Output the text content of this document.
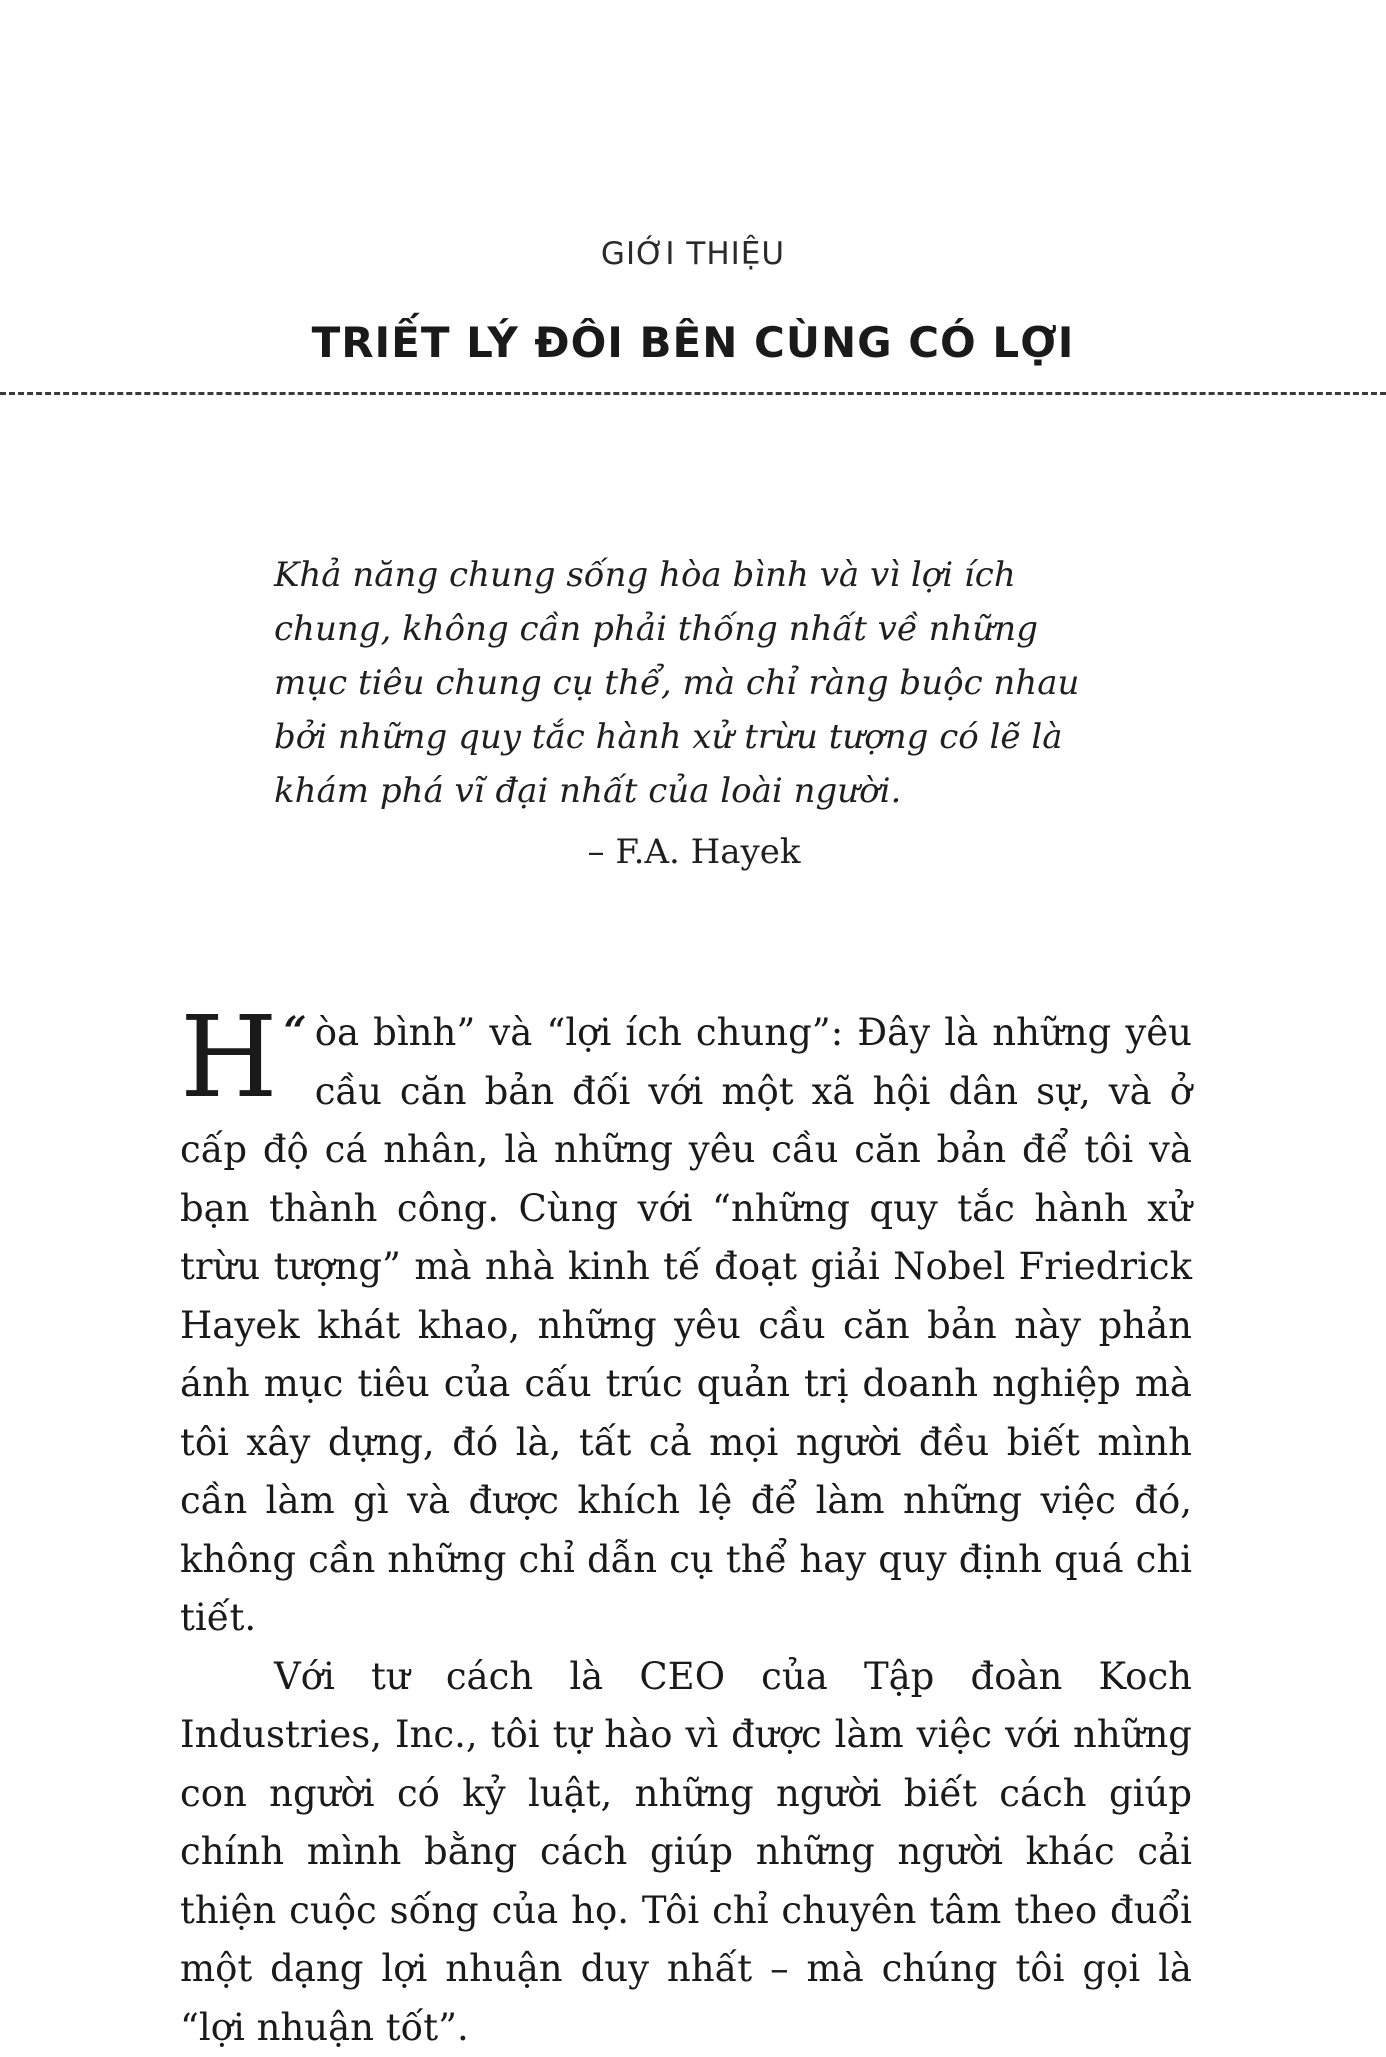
GIỚI THIỆU
TRIẾT LÝ ĐÔI BÊN CÙNG CÓ LỢI

Khả năng chung sống hòa bình và vì lợi ích chung, không cần phải thống nhất về những mục tiêu chung cụ thể, mà chỉ ràng buộc nhau bởi những quy tắc hành xử trừu tượng có lẽ là khám phá vĩ đại nhất của loài người.

– F.A. Hayek

“
H òa bình” và “lợi ích chung”: Đây là những yêu cầu căn bản đối với một xã hội dân sự, và ở cấp độ cá nhân, là những yêu cầu căn bản để tôi và bạn thành công. Cùng với “những quy tắc hành xử trừu tượng” mà nhà kinh tế đoạt giải Nobel Friedrick Hayek khát khao, những yêu cầu căn bản này phản ánh mục tiêu của cấu trúc quản trị doanh nghiệp mà tôi xây dựng, đó là, tất cả mọi người đều biết mình cần làm gì và được khích lệ để làm những việc đó, không cần những chỉ dẫn cụ thể hay quy định quá chi tiết.

Với tư cách là CEO của Tập đoàn Koch Industries, Inc., tôi tự hào vì được làm việc với những con người có kỷ luật, những người biết cách giúp chính mình bằng cách giúp những người khác cải thiện cuộc sống của họ. Tôi chỉ chuyên tâm theo đuổi một dạng lợi nhuận duy nhất – mà chúng tôi gọi là “lợi nhuận tốt”.
